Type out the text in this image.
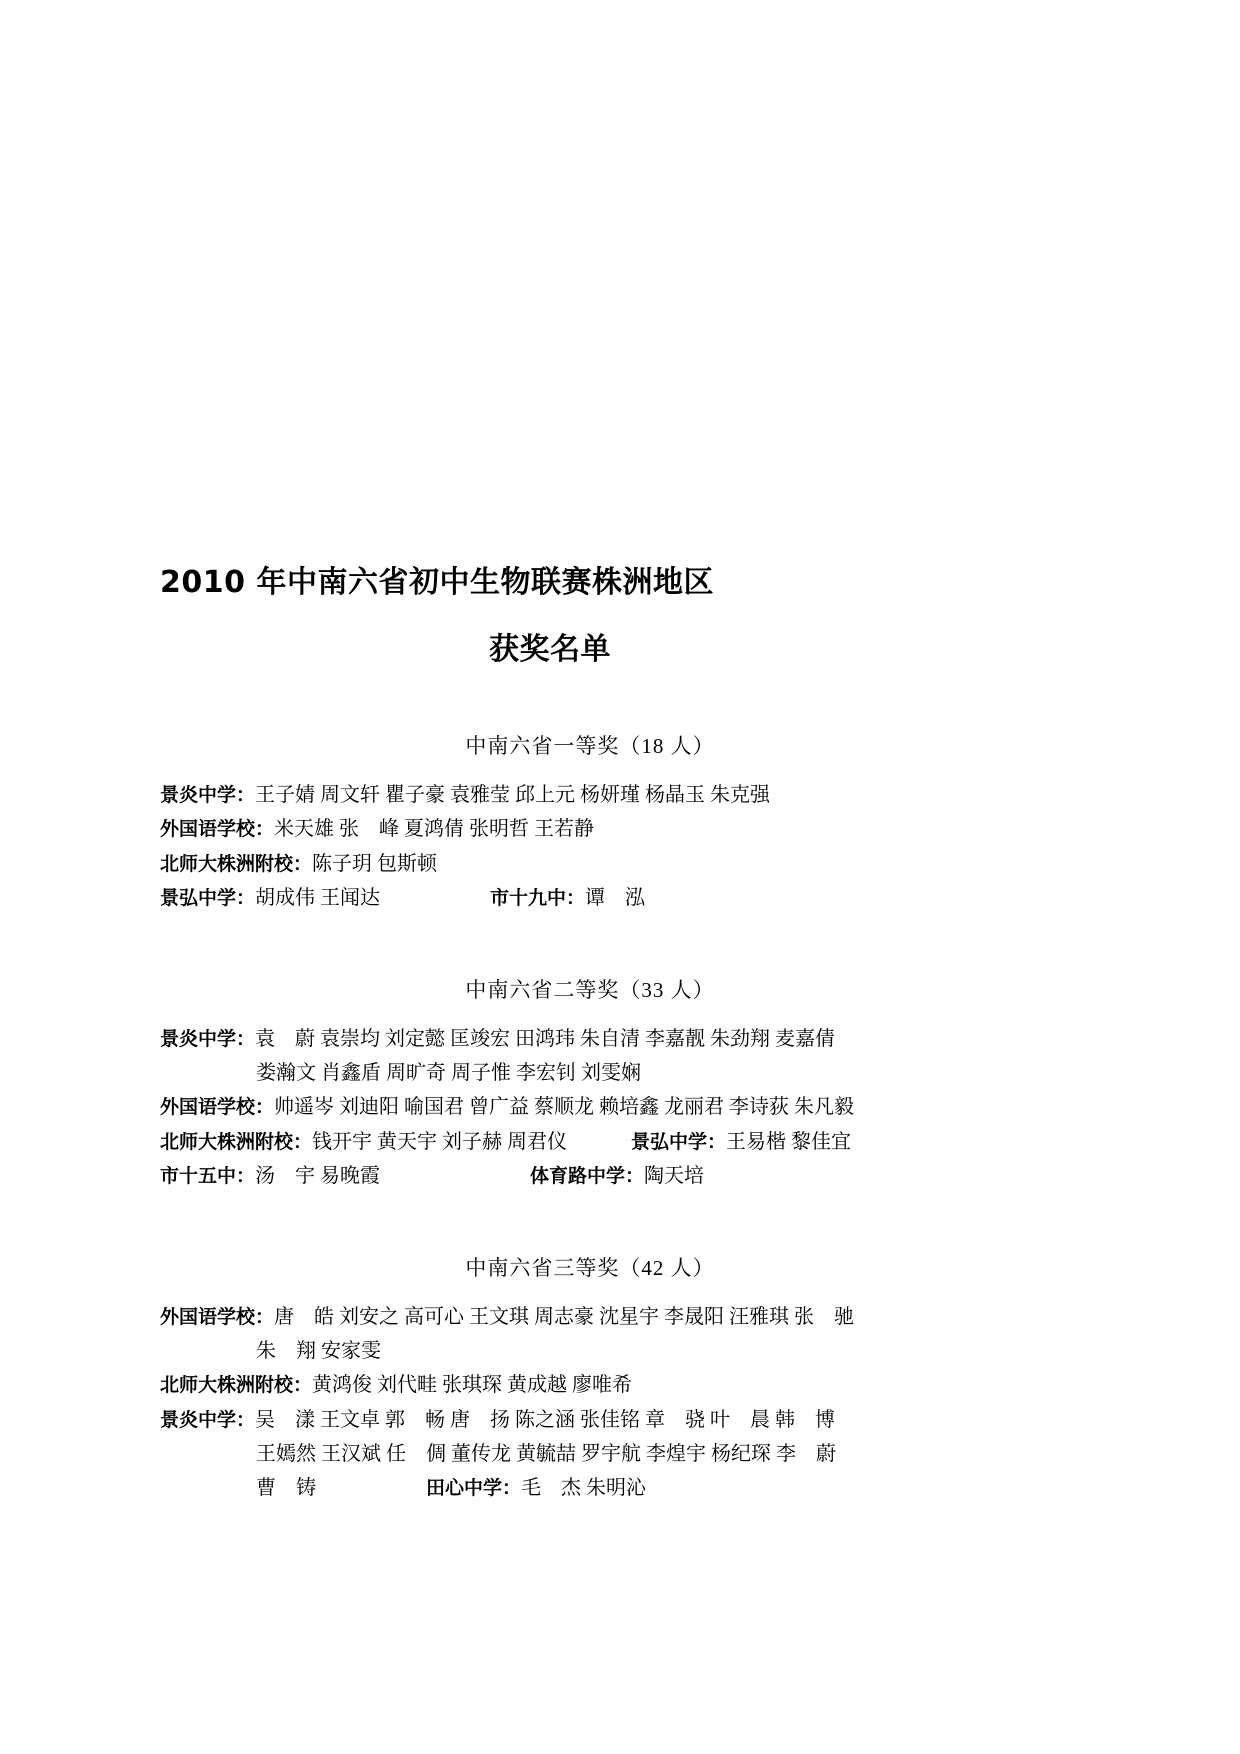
2010 年中南六省初中生物联赛株洲地区
获奖名单
中南六省一等奖（18 人）
景炎中学：王子婧 周文轩 瞿子豪 袁雅莹 邱上元 杨妍瑾 杨晶玉 朱克强
外国语学校：米天雄 张　峰 夏鸿倩 张明哲 王若静
北师大株洲附校：陈子玥 包斯顿
景弘中学：胡成伟 王闻达	市十九中：谭　泓
中南六省二等奖（33 人）
景炎中学：袁　蔚 袁崇均 刘定懿 匡竣宏 田鸿玮 朱自清 李嘉靓 朱劲翔 麦嘉倩
娄瀚文 肖鑫盾 周旷奇 周子惟 李宏钊 刘雯娴
外国语学校：帅遥岑 刘迪阳 喻国君 曾广益 蔡顺龙 赖培鑫 龙丽君 李诗荻 朱凡毅
北师大株洲附校：钱开宇 黄天宇 刘子赫 周君仪	景弘中学：王易楷 黎佳宜
市十五中：汤　宇 易晚霞	体育路中学：陶天培
中南六省三等奖（42 人）
外国语学校：唐　皓 刘安之 高可心 王文琪 周志豪 沈星宇 李晟阳 汪雅琪 张　驰
朱　翔 安家雯
北师大株洲附校：黄鸿俊 刘代畦 张琪琛 黄成越 廖唯希
景炎中学：吴　漾 王文卓 郭　畅 唐　扬 陈之涵 张佳铭 章　骁 叶　晨 韩　博
王嫣然 王汉斌 任　倜 董传龙 黄毓喆 罗宇航 李煌宇 杨纪琛 李　蔚
曹　铸	田心中学：毛　杰 朱明沁
